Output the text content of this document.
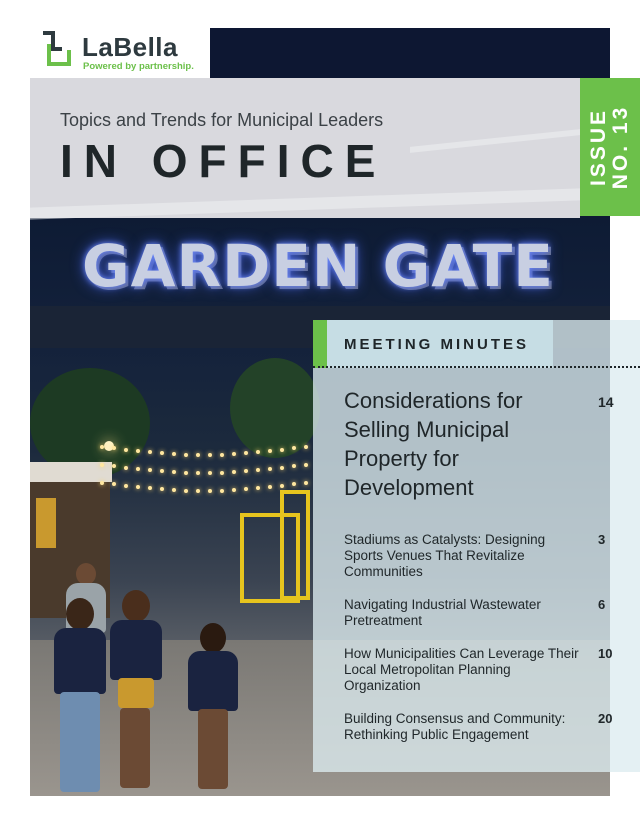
Topics and Trends for Municipal Leaders
IN OFFICE	ISSUE NO. 13
LaBella
Powered by partnership.
GARDEN GATE
MEETING MINUTES
Considerations for Selling Municipal Property for Development
14
Stadiums as Catalysts: Designing Sports Venues That Revitalize Communities
3
Navigating Industrial Wastewater Pretreatment
6
How Municipalities Can Leverage Their Local Metropolitan Planning Organization
10
Building Consensus and Community: Rethinking Public Engagement
20
